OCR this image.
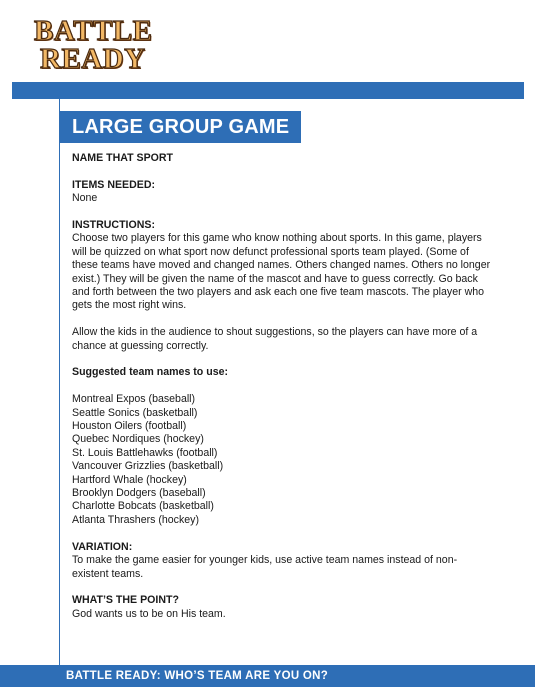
BATTLE
READY
LARGE GROUP GAME

NAME THAT SPORT

ITEMS NEEDED:

None

INSTRUCTIONS:

Choose two players for this game who know nothing about sports. In this game, players will be quizzed on what sport now defunct professional sports team played. (Some of these teams have moved and changed names. Others changed names. Others no longer exist.) They will be given the name of the mascot and have to guess correctly. Go back and forth between the two players and ask each one five team mascots. The player who gets the most right wins.

Allow the kids in the audience to shout suggestions, so the players can have more of a chance at guessing correctly.

Suggested team names to use:

Montreal Expos (baseball)
Seattle Sonics (basketball)
Houston Oilers (football)
Quebec Nordiques (hockey)
St. Louis Battlehawks (football)
Vancouver Grizzlies (basketball)
Hartford Whale (hockey)
Brooklyn Dodgers (baseball)
Charlotte Bobcats (basketball)
Atlanta Thrashers (hockey)

VARIATION:

To make the game easier for younger kids, use active team names instead of non-existent teams.

WHAT’S THE POINT?

God wants us to be on His team.

BATTLE READY: WHO’S TEAM ARE YOU ON?
